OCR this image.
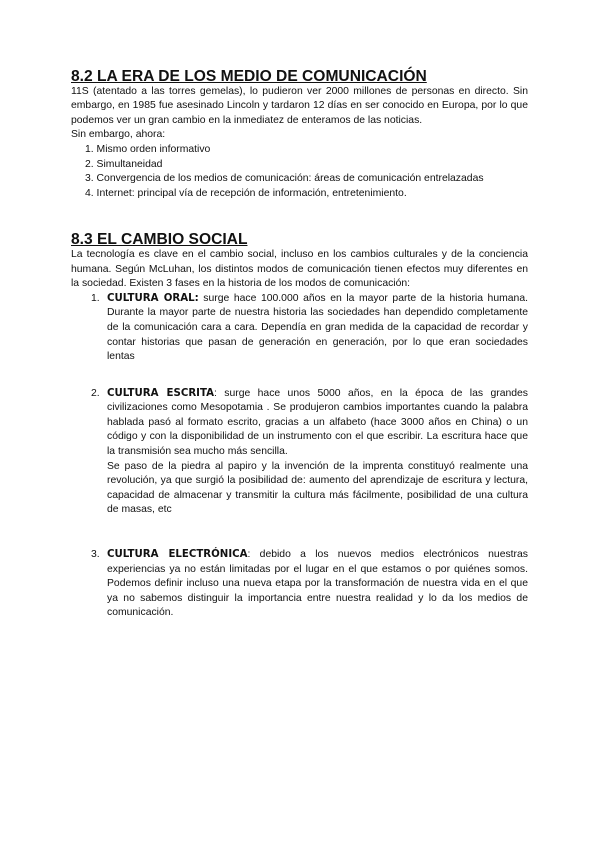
8.2 LA ERA DE LOS MEDIO DE COMUNICACIÓN

11S (atentado a las torres gemelas), lo pudieron ver 2000 millones de personas en directo. Sin embargo, en 1985 fue asesinado Lincoln y tardaron 12 días en ser conocido en Europa, por lo que podemos ver un gran cambio en la inmediatez de enteramos de las noticias.

Sin embargo, ahora:

1. Mismo orden informativo
2. Simultaneidad
3. Convergencia de los medios de comunicación: áreas de comunicación entrelazadas
4. Internet: principal vía de recepción de información, entretenimiento.
8.3 EL CAMBIO SOCIAL

La tecnología es clave en el cambio social, incluso en los cambios culturales y de la conciencia humana. Según McLuhan, los distintos modos de comunicación tienen efectos muy diferentes en la sociedad. Existen 3 fases en la historia de los modos de comunicación:

1. CULTURA ORAL: surge hace 100.000 años en la mayor parte de la historia humana. Durante la mayor parte de nuestra historia las sociedades han dependido completamente de la comunicación cara a cara. Dependía en gran medida de la capacidad de recordar y contar historias que pasan de generación en generación, por lo que eran sociedades lentas
2. CULTURA ESCRITA: surge hace unos 5000 años, en la época de las grandes civilizaciones como Mesopotamia . Se produjeron cambios importantes cuando la palabra hablada pasó al formato escrito, gracias a un alfabeto (hace 3000 años en China) o un código y con la disponibilidad de un instrumento con el que escribir. La escritura hace que la transmisión sea mucho más sencilla.
Se paso de la piedra al papiro y la invención de la imprenta constituyó realmente una revolución, ya que surgió la posibilidad de: aumento del aprendizaje de escritura y lectura, capacidad de almacenar y transmitir la cultura más fácilmente, posibilidad de una cultura de masas, etc
3. CULTURA ELECTRÓNICA: debido a los nuevos medios electrónicos nuestras experiencias ya no están limitadas por el lugar en el que estamos o por quiénes somos. Podemos definir incluso una nueva etapa por la transformación de nuestra vida en el que ya no sabemos distinguir la importancia entre nuestra realidad y lo da los medios de comunicación.
